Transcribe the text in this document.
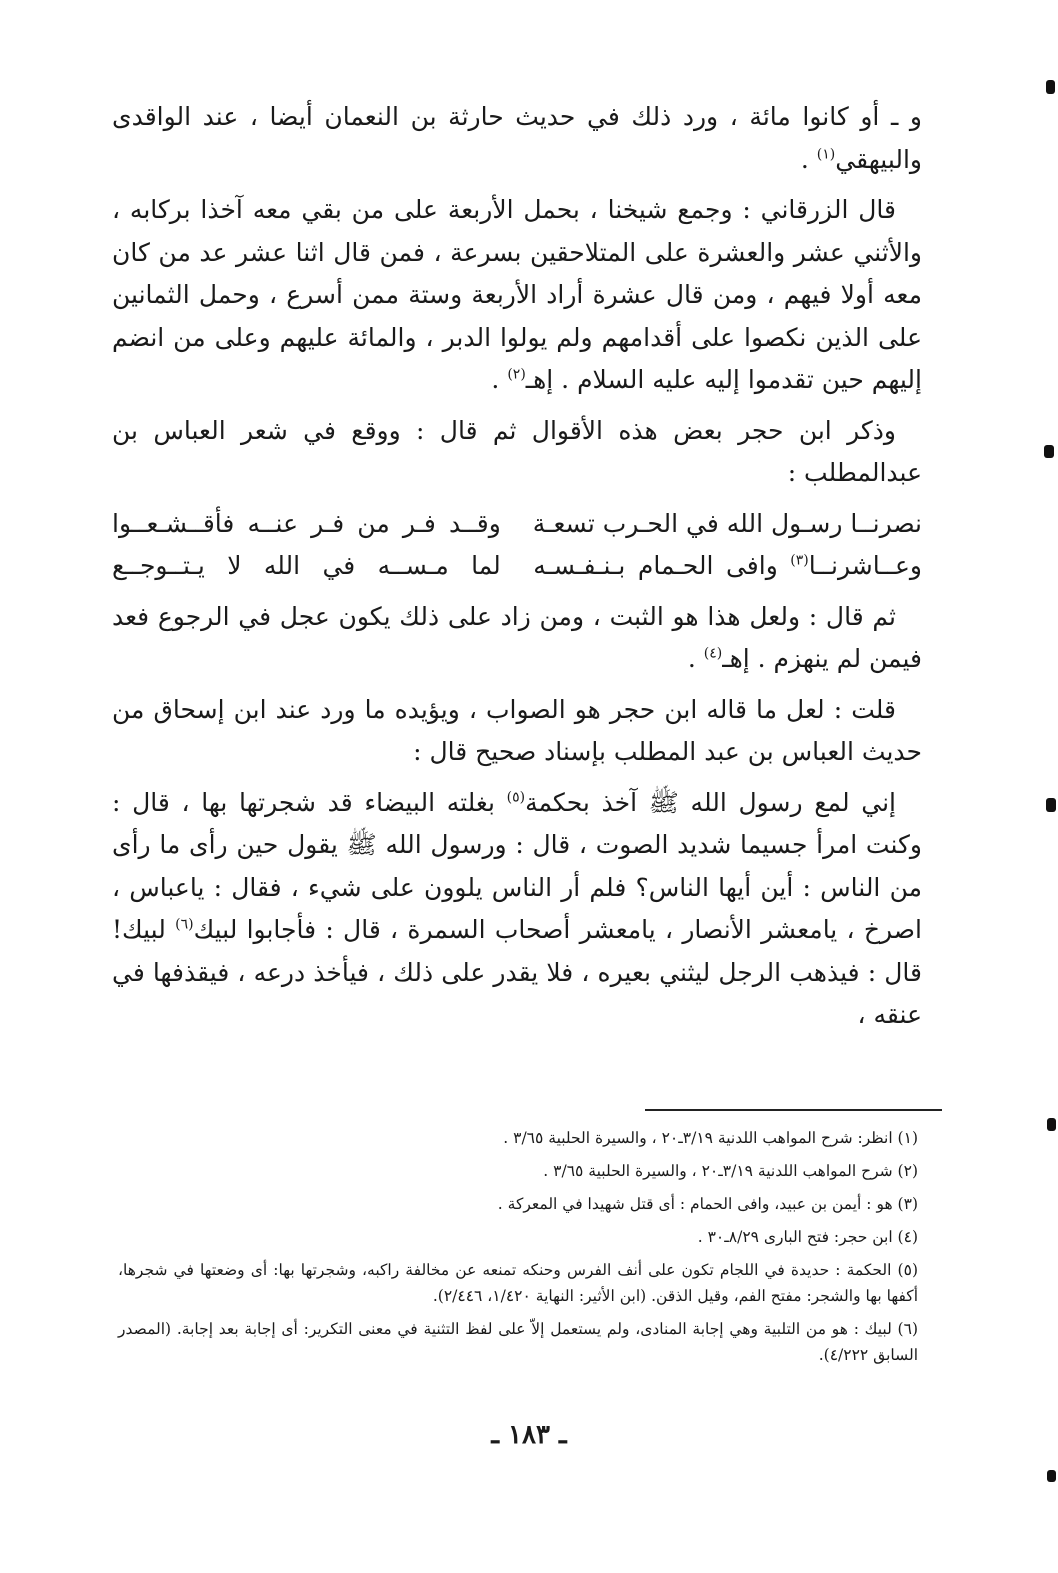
و ـ أو كانوا مائة ، ورد ذلك في حديث حارثة بن النعمان أيضا ، عند الواقدى والبيهقي$^{(١)}$ .

قال الزرقاني : وجمع شيخنا ، بحمل الأربعة على من بقي معه آخذا بركابه ، والأثني عشر والعشرة على المتلاحقين بسرعة ، فمن قال اثنا عشر عد من كان معه أولا فيهم ، ومن قال عشرة أراد الأربعة وستة ممن أسرع ، وحمل الثمانين على الذين نكصوا على أقدامهم ولم يولوا الدبر ، والمائة عليهم وعلى من انضم إليهم حين تقدموا إليه عليه السلام . إهـ$^{(٢)}$ .

وذكر ابن حجر بعض هذه الأقوال ثم قال : ووقع في شعر العباس بن عبدالمطلب :

نصرنــا رسـول الله في الحـرب تسعـة
وقــد فـر من فـر عنــه فأقــشـعــوا
وعــاشرنــا$^{(٣)}$ وافى الحـمام بـنـفـسـه
لما مـســه في الله لا يـتــوجــع

ثم قال : ولعل هذا هو الثبت ، ومن زاد على ذلك يكون عجل في الرجوع فعد فيمن لم ينهزم . إهـ$^{(٤)}$ .

قلت : لعل ما قاله ابن حجر هو الصواب ، ويؤيده ما ورد عند ابن إسحاق من حديث العباس بن عبد المطلب بإسناد صحيح قال :

إني لمع رسول الله ﷺ آخذ بحكمة$^{(٥)}$ بغلته البيضاء قد شجرتها بها ، قال : وكنت امرأ جسيما شديد الصوت ، قال : ورسول الله ﷺ يقول حين رأى ما رأى من الناس : أين أيها الناس؟ فلم أر الناس يلوون على شيء ، فقال : ياعباس ، اصرخ ، يامعشر الأنصار ، يامعشر أصحاب السمرة ، قال : فأجابوا لبيك$^{(٦)}$ لبيك! قال : فيذهب الرجل ليثني بعيره ، فلا يقدر على ذلك ، فيأخذ درعه ، فيقذفها في عنقه ،

(١) انظر: شرح المواهب اللدنية ٣/١٩ـ٢٠ ، والسيرة الحلبية ٣/٦٥ .

(٢) شرح المواهب اللدنية ٣/١٩ـ٢٠ ، والسيرة الحلبية ٣/٦٥ .

(٣) هو : أيمن بن عبيد، وافى الحمام : أى قتل شهيدا في المعركة .

(٤) ابن حجر: فتح البارى ٨/٢٩ـ٣٠ .

(٥) الحكمة : حديدة في اللجام تكون على أنف الفرس وحنكه تمنعه عن مخالفة راكبه، وشجرتها بها: أى وضعتها في شجرها، أكفها بها والشجر: مفتح الفم، وقيل الذقن. (ابن الأثير: النهاية ١/٤٢٠، ٢/٤٤٦).

(٦) لبيك : هو من التلبية وهي إجابة المنادى، ولم يستعمل إلاّ على لفظ التثنية في معنى التكرير: أى إجابة بعد إجابة. (المصدر السابق ٤/٢٢٢).

ـ ١٨٣ ـ
